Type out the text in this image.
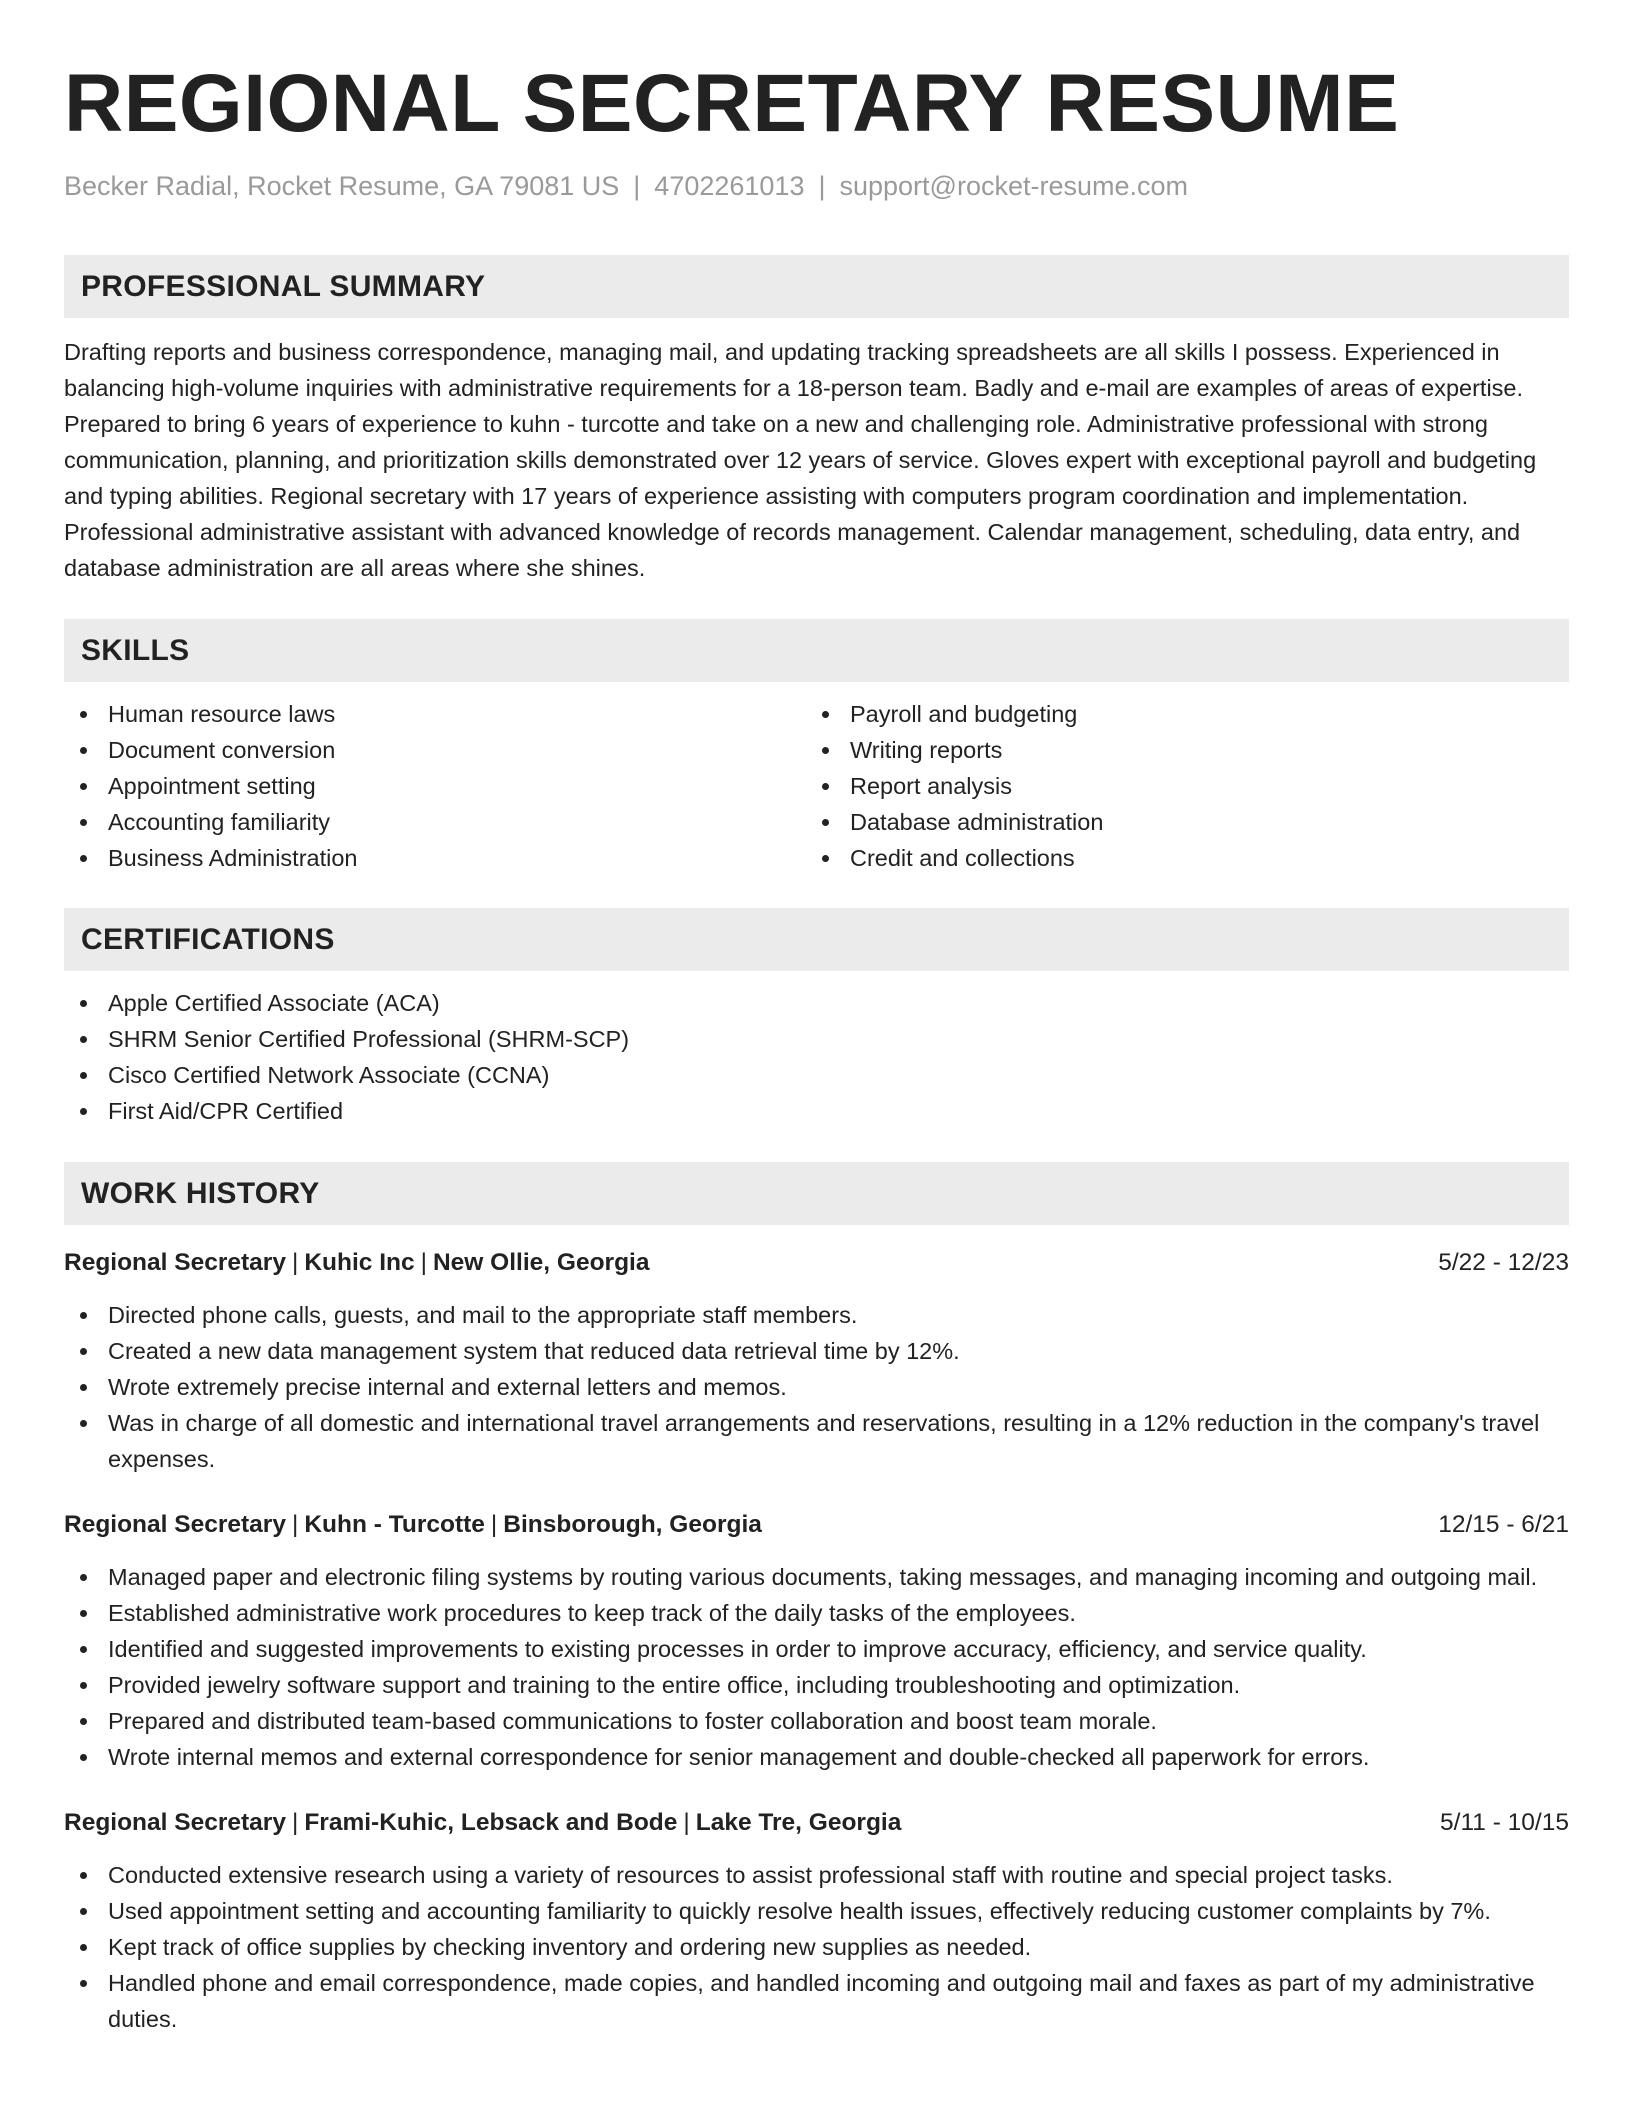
REGIONAL SECRETARY RESUME
Becker Radial, Rocket Resume, GA 79081 US | 4702261013 | support@rocket-resume.com
PROFESSIONAL SUMMARY

Drafting reports and business correspondence, managing mail, and updating tracking spreadsheets are all skills I possess. Experienced in balancing high-volume inquiries with administrative requirements for a 18-person team. Badly and e-mail are examples of areas of expertise. Prepared to bring 6 years of experience to kuhn - turcotte and take on a new and challenging role. Administrative professional with strong communication, planning, and prioritization skills demonstrated over 12 years of service. Gloves expert with exceptional payroll and budgeting and typing abilities. Regional secretary with 17 years of experience assisting with computers program coordination and implementation. Professional administrative assistant with advanced knowledge of records management. Calendar management, scheduling, data entry, and database administration are all areas where she shines.

SKILLS
Human resource laws
Document conversion
Appointment setting
Accounting familiarity
Business Administration
Payroll and budgeting
Writing reports
Report analysis
Database administration
Credit and collections
CERTIFICATIONS
Apple Certified Associate (ACA)
SHRM Senior Certified Professional (SHRM-SCP)
Cisco Certified Network Associate (CCNA)
First Aid/CPR Certified
WORK HISTORY
Regional Secretary | Kuhic Inc | New Ollie, Georgia	5/22 - 12/23
Directed phone calls, guests, and mail to the appropriate staff members.
Created a new data management system that reduced data retrieval time by 12%.
Wrote extremely precise internal and external letters and memos.
Was in charge of all domestic and international travel arrangements and reservations, resulting in a 12% reduction in the company's travel expenses.
Regional Secretary | Kuhn - Turcotte | Binsborough, Georgia	12/15 - 6/21
Managed paper and electronic filing systems by routing various documents, taking messages, and managing incoming and outgoing mail.
Established administrative work procedures to keep track of the daily tasks of the employees.
Identified and suggested improvements to existing processes in order to improve accuracy, efficiency, and service quality.
Provided jewelry software support and training to the entire office, including troubleshooting and optimization.
Prepared and distributed team-based communications to foster collaboration and boost team morale.
Wrote internal memos and external correspondence for senior management and double-checked all paperwork for errors.
Regional Secretary | Frami-Kuhic, Lebsack and Bode | Lake Tre, Georgia	5/11 - 10/15
Conducted extensive research using a variety of resources to assist professional staff with routine and special project tasks.
Used appointment setting and accounting familiarity to quickly resolve health issues, effectively reducing customer complaints by 7%.
Kept track of office supplies by checking inventory and ordering new supplies as needed.
Handled phone and email correspondence, made copies, and handled incoming and outgoing mail and faxes as part of my administrative duties.
